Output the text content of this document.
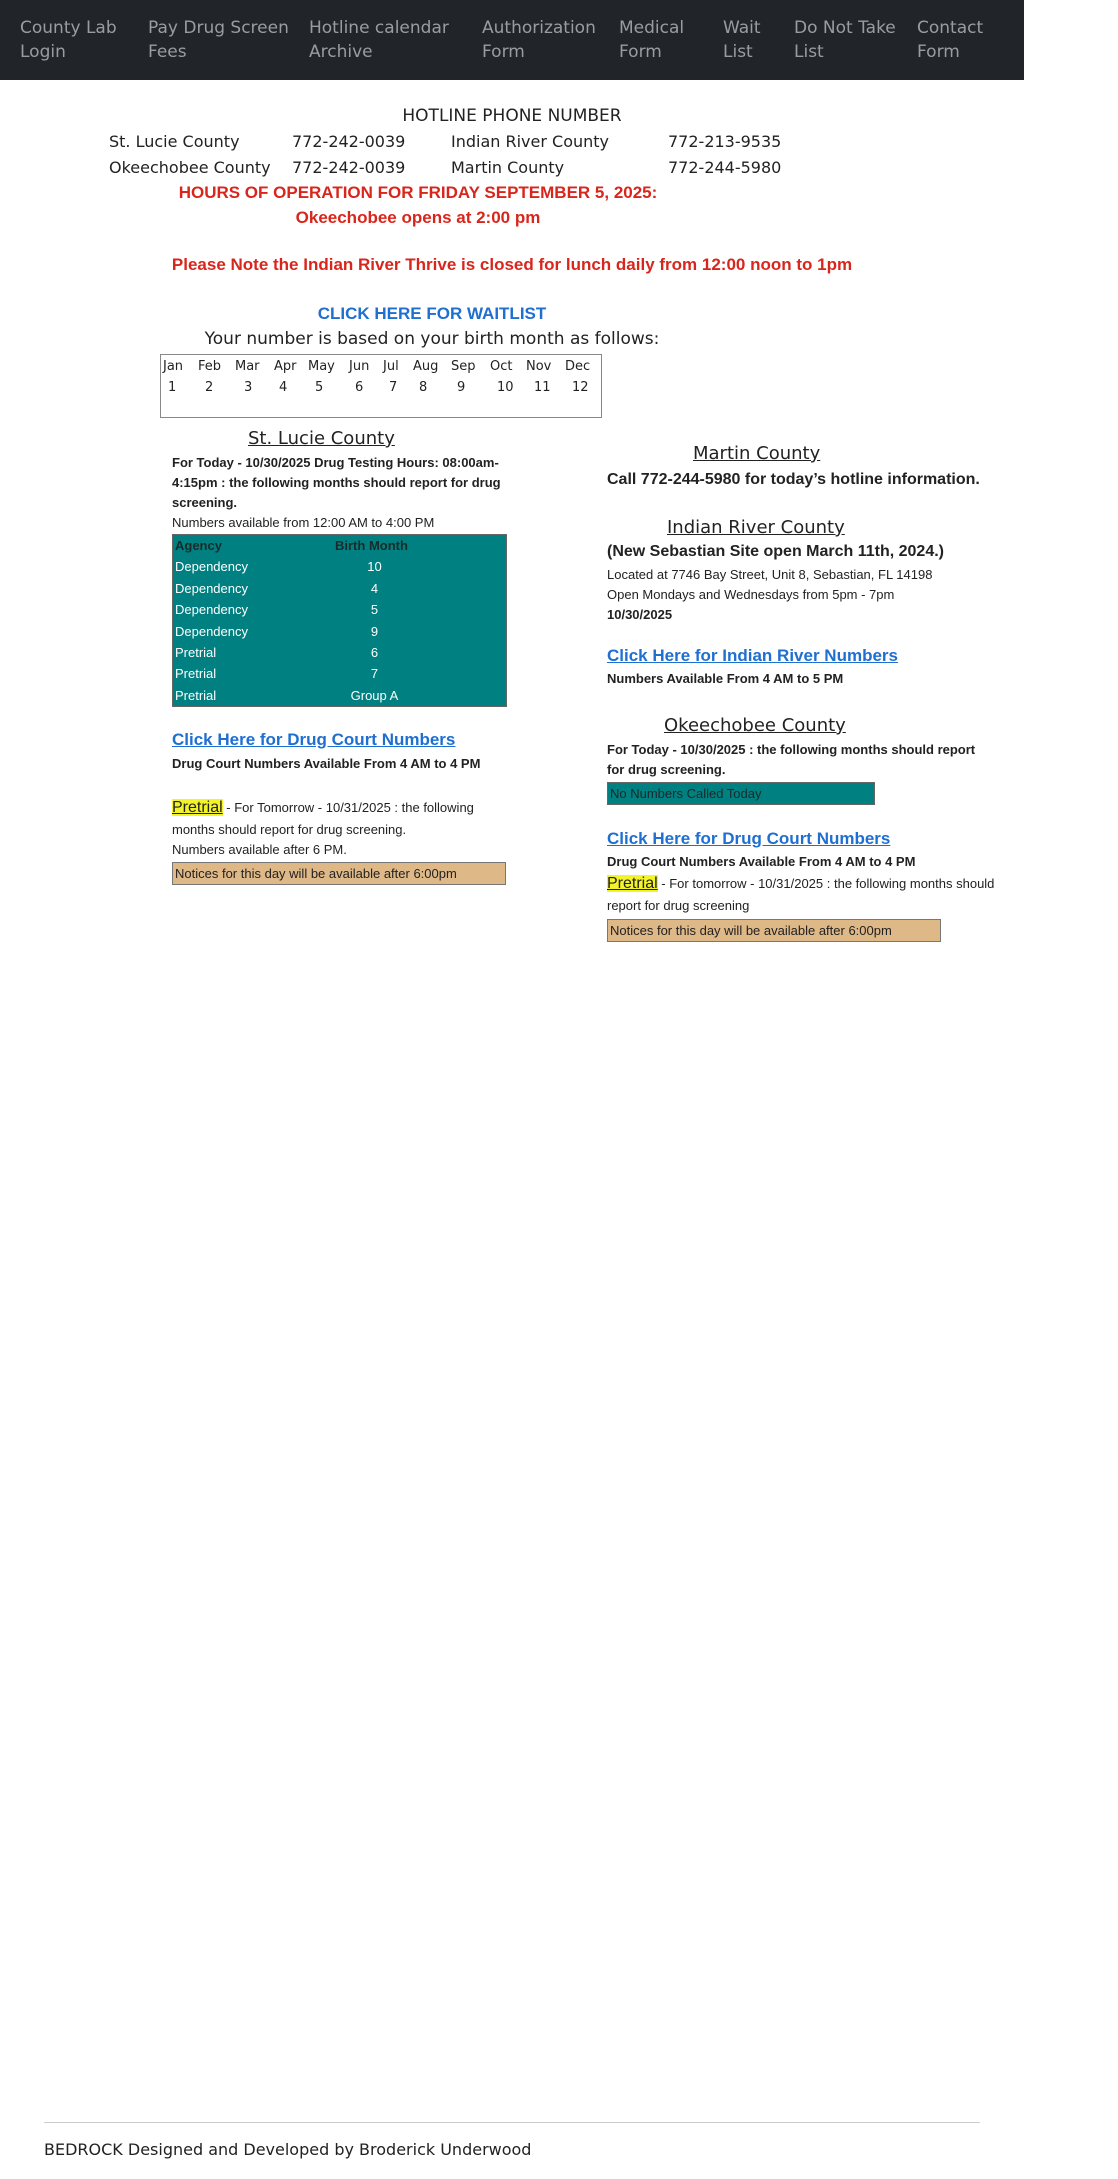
County Lab
Login
Pay Drug Screen
Fees
Hotline calendar
Archive
Authorization
Form
Medical
Form
Wait
List
Do Not Take
List
Contact
Form
HOTLINE PHONE NUMBER
St. Lucie County	772-242-0039	Indian River County	772-213-9535
Okeechobee County 772-242-0039	Martin County	772-244-5980
HOURS OF OPERATION FOR FRIDAY SEPTEMBER 5, 2025:
Okeechobee opens at 2:00 pm
Please Note the Indian River Thrive is closed for lunch daily from 12:00 noon to 1pm
CLICK HERE FOR WAITLIST
Your number is based on your birth month as follows:
Jan Feb Mar Apr May Jun Jul Aug Sep Oct Nov Dec
1 2 3 4 5 6 7 8 9 10 11 12
St. Lucie County
For Today - 10/30/2025 Drug Testing Hours: 08:00am-
4:15pm : the following months should report for drug
screening.
Numbers available from 12:00 AM to 4:00 PM
Agency	Birth Month
Dependency	10
Dependency	4
Dependency	5
Dependency	9
Pretrial	6
Pretrial	7
Pretrial	Group A
Click Here for Drug Court Numbers
Drug Court Numbers Available From 4 AM to 4 PM
Pretrial - For Tomorrow - 10/31/2025 : the following
months should report for drug screening.
Numbers available after 6 PM.
Notices for this day will be available after 6:00pm
Martin County
Call 772-244-5980 for today’s hotline information.
Indian River County
(New Sebastian Site open March 11th, 2024.)
Located at 7746 Bay Street, Unit 8, Sebastian, FL 14198
Open Mondays and Wednesdays from 5pm - 7pm
10/30/2025
Click Here for Indian River Numbers
Numbers Available From 4 AM to 5 PM
Okeechobee County
For Today - 10/30/2025 : the following months should report
for drug screening.
No Numbers Called Today
Click Here for Drug Court Numbers
Drug Court Numbers Available From 4 AM to 4 PM
Pretrial - For tomorrow - 10/31/2025 : the following months should
report for drug screening
Notices for this day will be available after 6:00pm
BEDROCK Designed and Developed by Broderick Underwood
